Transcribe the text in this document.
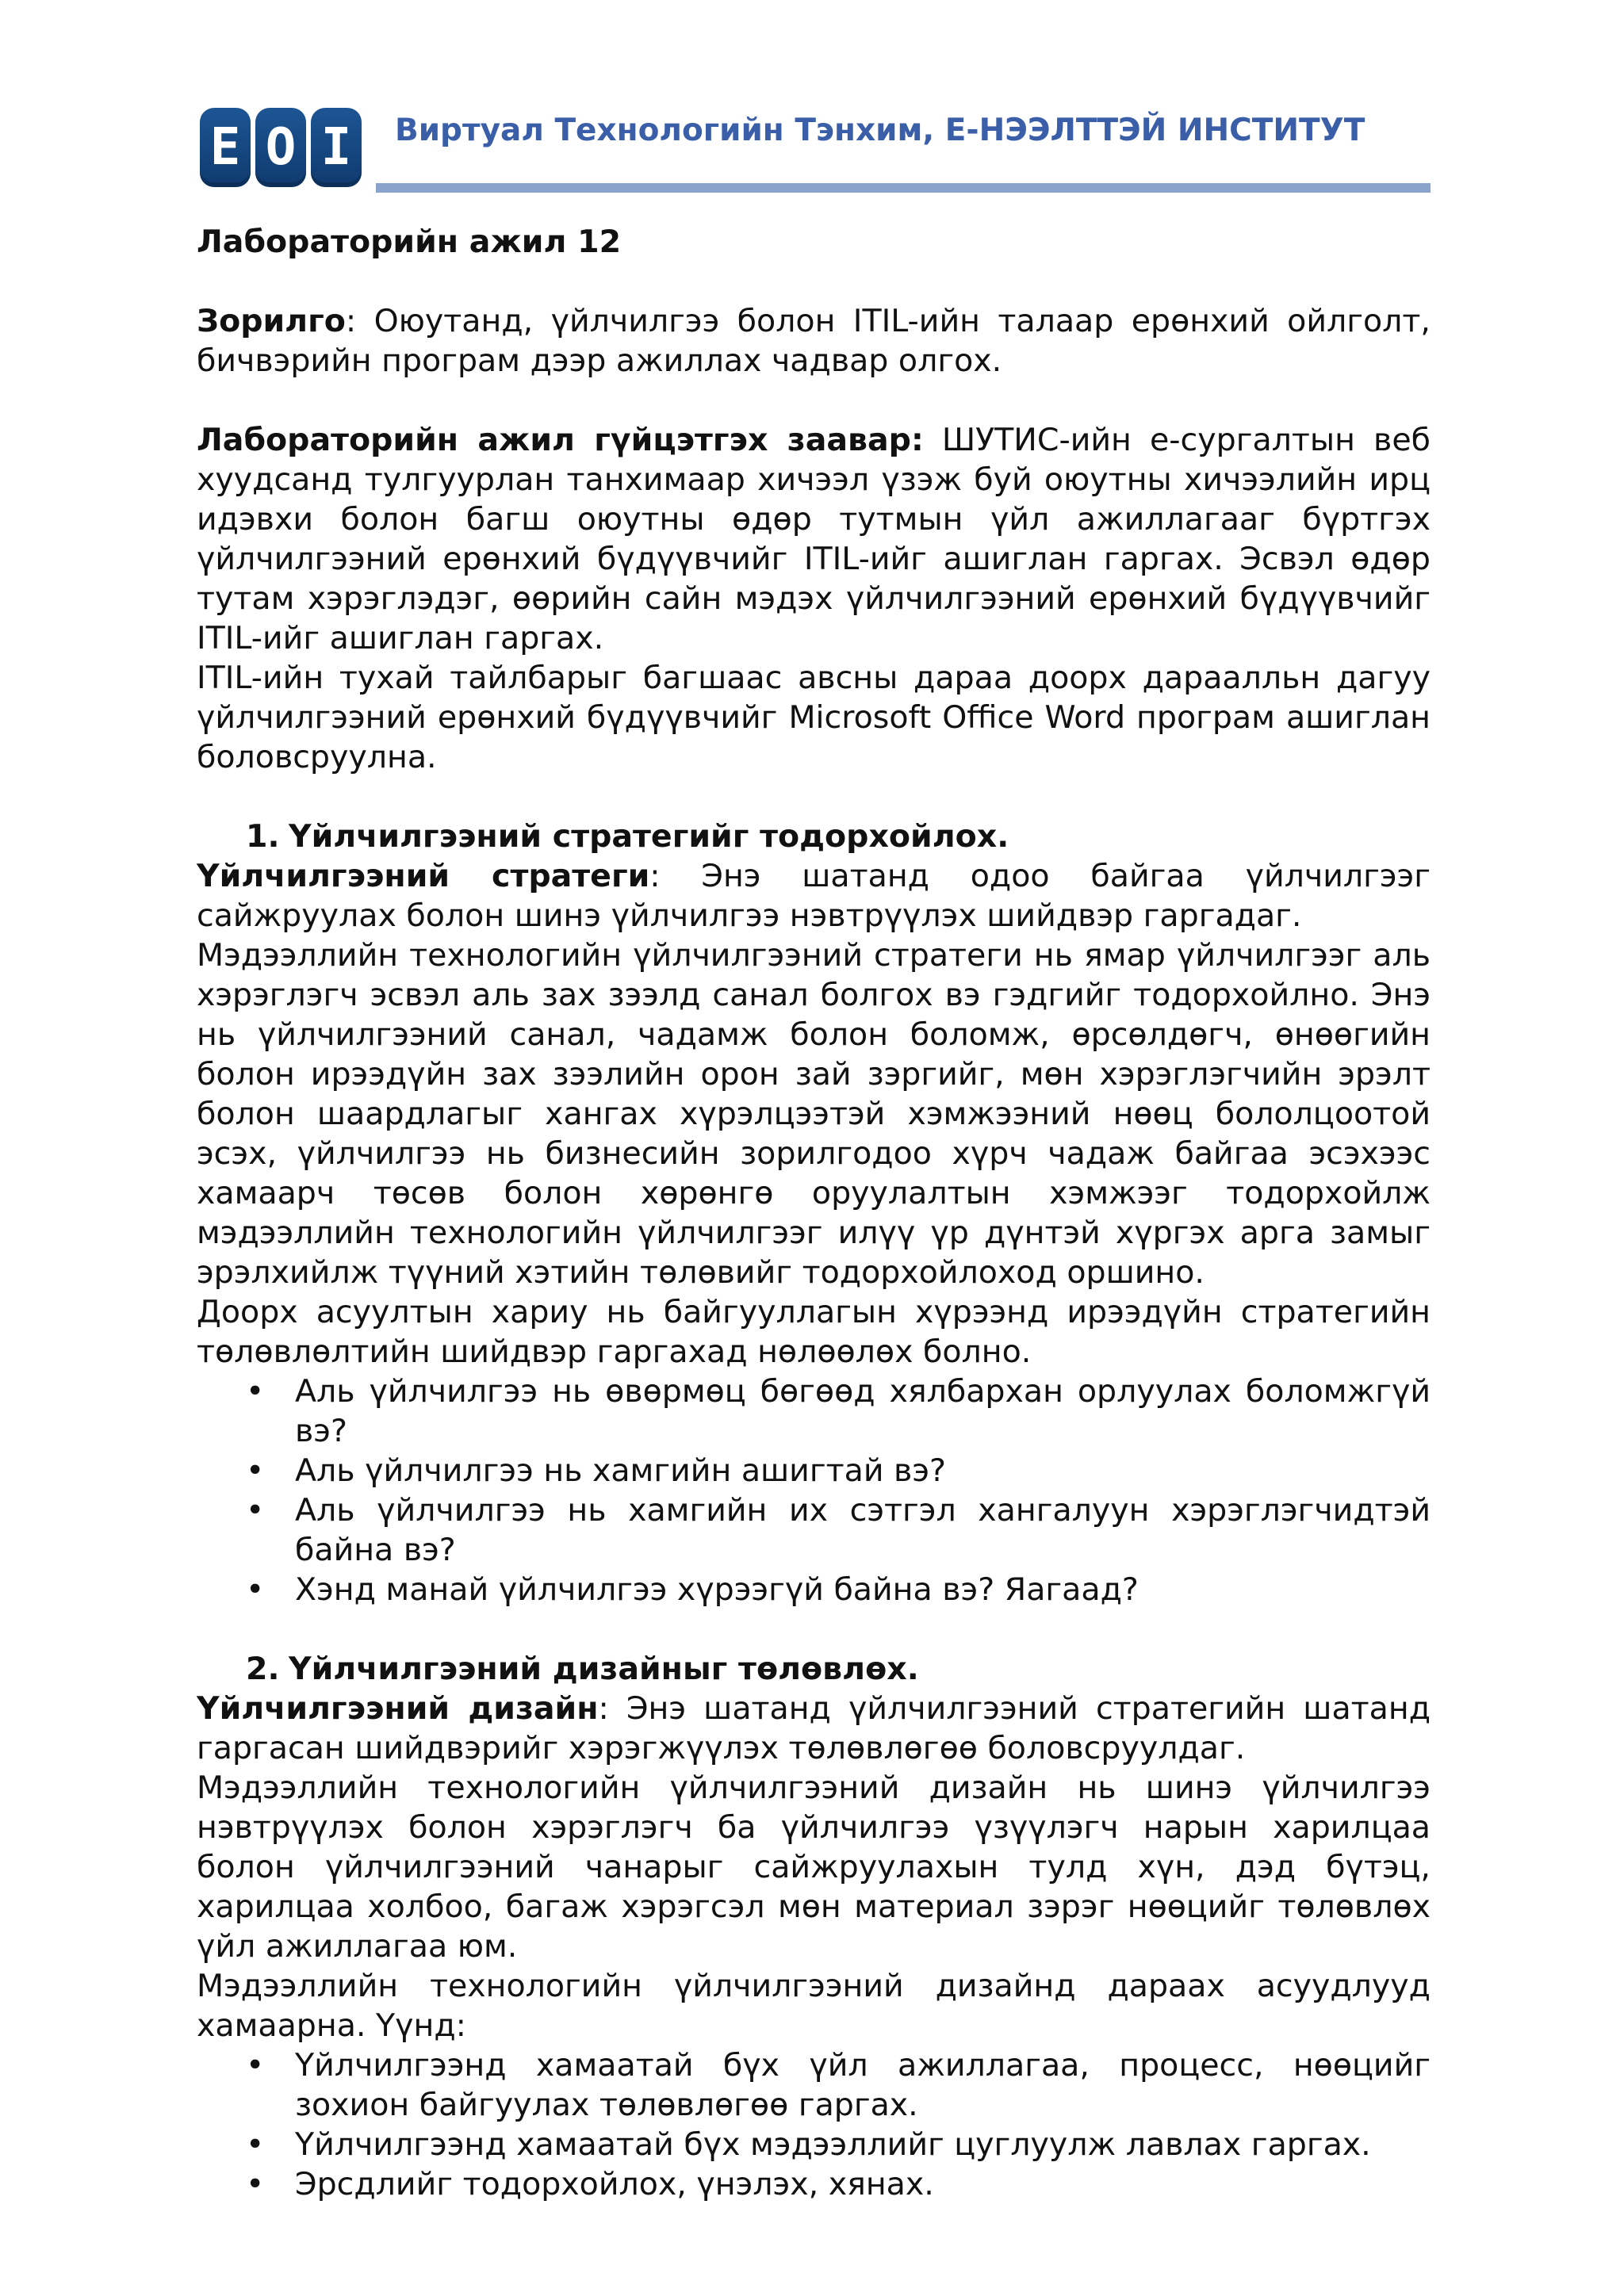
E O I	Виртуал Технологийн Тэнхим, Е-НЭЭЛТТЭЙ ИНСТИТУТ

Лабораторийн ажил 12

Зорилго: Оюутанд, үйлчилгээ болон ITIL-ийн талаар ерөнхий ойлголт, бичвэрийн програм дээр ажиллах чадвар олгох.

Лабораторийн ажил гүйцэтгэх заавар: ШУТИС-ийн е-сургалтын веб хуудсанд тулгуурлан танхимаар хичээл үзэж буй оюутны хичээлийн ирц идэвхи болон багш оюутны өдөр тутмын үйл ажиллагааг бүртгэх үйлчилгээний ерөнхий бүдүүвчийг ITIL-ийг ашиглан гаргах. Эсвэл өдөр тутам хэрэглэдэг, өөрийн сайн мэдэх үйлчилгээний ерөнхий бүдүүвчийг ITIL-ийг ашиглан гаргах.

ITIL-ийн тухай тайлбарыг багшаас авсны дараа доорх дараалльн дагуу үйлчилгээний ерөнхий бүдүүвчийг Microsoft Office Word програм ашиглан боловсруулна.

1. Үйлчилгээний стратегийг тодорхойлох.

Үйлчилгээний стратеги: Энэ шатанд одоо байгаа үйлчилгээг сайжруулах болон шинэ үйлчилгээ нэвтрүүлэх шийдвэр гаргадаг.

Мэдээллийн технологийн үйлчилгээний стратеги нь ямар үйлчилгээг аль хэрэглэгч эсвэл аль зах зээлд санал болгох вэ гэдгийг тодорхойлно. Энэ нь үйлчилгээний санал, чадамж болон боломж, өрсөлдөгч, өнөөгийн болон ирээдүйн зах зээлийн орон зай зэргийг, мөн хэрэглэгчийн эрэлт болон шаардлагыг хангах хүрэлцээтэй хэмжээний нөөц бололцоотой эсэх, үйлчилгээ нь бизнесийн зорилгодоо хүрч чадаж байгаа эсэхээс хамаарч төсөв болон хөрөнгө оруулалтын хэмжээг тодорхойлж мэдээллийн технологийн үйлчилгээг илүү үр дүнтэй хүргэх арга замыг эрэлхийлж түүний хэтийн төлөвийг тодорхойлоход оршино.

Доорх асуултын хариу нь байгууллагын хүрээнд ирээдүйн стратегийн төлөвлөлтийн шийдвэр гаргахад нөлөөлөх болно.

• Аль үйлчилгээ нь өвөрмөц бөгөөд хялбархан орлуулах боломжгүй вэ?
• Аль үйлчилгээ нь хамгийн ашигтай вэ?
• Аль үйлчилгээ нь хамгийн их сэтгэл хангалуун хэрэглэгчидтэй байна вэ?
• Хэнд манай үйлчилгээ хүрээгүй байна вэ? Яагаад?

2. Үйлчилгээний дизайныг төлөвлөх.

Үйлчилгээний дизайн: Энэ шатанд үйлчилгээний стратегийн шатанд гаргасан шийдвэрийг хэрэгжүүлэх төлөвлөгөө боловсруулдаг.

Мэдээллийн технологийн үйлчилгээний дизайн нь шинэ үйлчилгээ нэвтрүүлэх болон хэрэглэгч ба үйлчилгээ үзүүлэгч нарын харилцаа болон үйлчилгээний чанарыг сайжруулахын тулд хүн, дэд бүтэц, харилцаа холбоо, багаж хэрэгсэл мөн материал зэрэг нөөцийг төлөвлөх үйл ажиллагаа юм.

Мэдээллийн технологийн үйлчилгээний дизайнд дараах асуудлууд хамаарна. Үүнд:

• Үйлчилгээнд хамаатай бүх үйл ажиллагаа, процесс, нөөцийг зохион байгуулах төлөвлөгөө гаргах.
• Үйлчилгээнд хамаатай бүх мэдээллийг цуглуулж лавлах гаргах.
• Эрсдлийг тодорхойлох, үнэлэх, хянах.
